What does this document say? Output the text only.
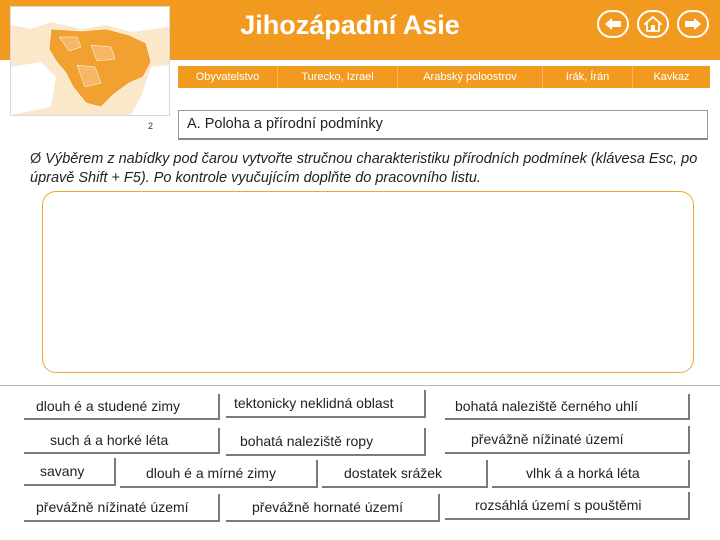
Jihozápadní Asie
Obyvatelstvo	Turecko, Izrael	Arabský poloostrov	Irák, Írán	Kavkaz
2	A. Poloha a přírodní podmínky
Ø Výběrem z nabídky pod čarou vytvořte stručnou charakteristiku přírodních podmínek (klávesa Esc, po úpravě Shift + F5). Po kontrole vyučujícím doplňte do pracovního listu.
dlouh é a studené zimy	tektonicky neklidná oblast	bohatá naleziště černého uhlí
such á a horké léta	bohatá naleziště ropy	převážně nížinaté území
savany	dlouh é a mírné zimy	dostatek srážek	vlhk á a horká léta
převážně nížinaté území	převážně hornaté území	rozsáhlá území s pouštěmi
